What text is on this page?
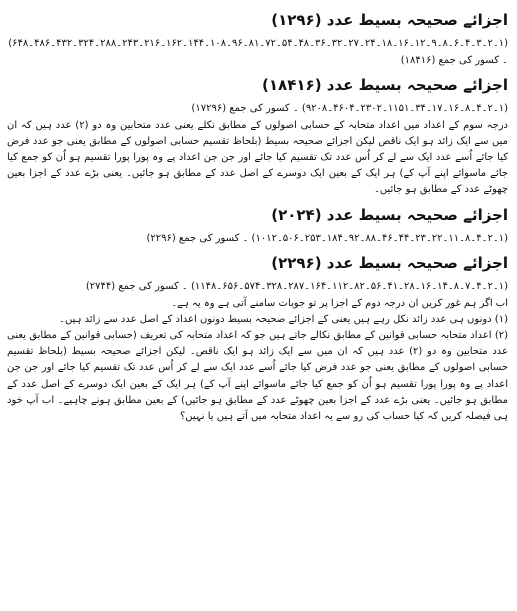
اجزائے صحیحہ بسیط عدد (۱۲۹۶)
(۱۔۲۔۳۔۴۔۶۔۸۔۹۔۱۲۔۱۶۔۱۸۔۲۴۔۲۷۔۳۲۔۳۶۔۴۸۔۵۴۔۷۲۔۸۱۔۹۶۔۱۰۸۔۱۴۴۔۱۶۲۔۲۱۶۔۲۴۳۔۲۸۸۔۳۲۴۔۴۳۲۔۴۸۶۔۶۴۸)
۔ کسور کی جمع (۱۸۴۱۶)
اجزائے صحیحہ بسیط عدد (۱۸۴۱۶)
(۱۔۲۔۴۔۸۔۱۶۔۱۷۔۳۴۔۱۱۵۱۔۲۳۰۲۔۴۶۰۴۔۹۲۰۸) ۔ کسور کی جمع (۱۷۲۹۶)

درجہ سوم کے اعداد میں اعداد متحابہ کے حسابی اصولوں کے مطابق نکلے یعنی عدد متحابین وہ دو (۲) عدد ہیں کہ ان میں سے ایک زائد ہو ایک ناقص لیکن اجزائے صحیحہ بسیط (بلحاظ تقسیم حسابی اصولوں کے مطابق یعنی جو عدد فرض کیا جائے اُسے عدد ایک سے لے کر اُس عدد تک تقسیم کیا جائے اور جن جن اعداد پے وہ پورا پورا تقسیم ہو اُن کو جمع کیا جائے ماسوائے اپنے آپ کے) ہر ایک کے بعین ایک دوسرے کے اصل عدد کے مطابق ہو جائیں۔ یعنی بڑے عدد کے اجزا بعین چھوٹے عدد کے مطابق ہو جائیں۔

اجزائے صحیحہ بسیط عدد (۲۰۲۴)
(۱۔۲۔۴۔۸۔۱۱۔۲۲۔۲۳۔۴۴۔۴۶۔۸۸۔۹۲۔۱۸۴۔۲۵۳۔۵۰۶۔۱۰۱۲) ۔ کسور کی جمع (۲۲۹۶)
اجزائے صحیحہ بسیط عدد (۲۲۹۶)
(۱۔۲۔۴۔۷۔۸۔۱۴۔۱۶۔۲۸۔۴۱۔۵۶۔۸۲۔۱۱۲۔۱۶۴۔۲۸۷۔۳۲۸۔۵۷۴۔۶۵۶۔۱۱۴۸) ۔ کسور کی جمع (۲۷۴۴)

اب اگر ہم غور کریں ان درجہ دوم کے اجزا پر تو جوبات سامنے آتی ہے وہ یہ ہے۔

(۱) دونوں ہی عدد زائد نکل رہے ہیں یعنی کے اجزائے صحیحہ بسیط دونوں اعداد کے اصل عدد سے زائد ہیں۔

(۲) اعداد متحابہ حسابی قوانین کے مطابق نکالے جاتے ہیں جو کہ اعداد متحابہ کی تعریف (حسابی قوانین کے مطابق یعنی عدد متحابین وہ دو (۲) عدد ہیں کہ ان میں سے ایک زائد ہو ایک ناقص۔ لیکن اجزائے صحیحہ بسیط (بلحاظ تقسیم حسابی اصولوں کے مطابق یعنی جو عدد فرض کیا جائے اُسے عدد ایک سے لے کر اُس عدد تک تقسیم کیا جائے اور جن جن اعداد پے وہ پورا پورا تقسیم ہو اُن کو جمع کیا جائے ماسوائے اپنے آپ کے) ہر ایک کے بعین ایک دوسرے کے اصل عدد کے مطابق ہو جائیں۔ یعنی بڑے عدد کے اجزا بعین چھوٹے عدد کے مطابق ہو جائیں) کے بعین مطابق ہونے چاہیے۔ اب آپ خود ہی فیصلہ کریں کہ کیا حساب کی رو سے یہ اعداد متحابہ میں آتے ہیں یا نہیں؟
